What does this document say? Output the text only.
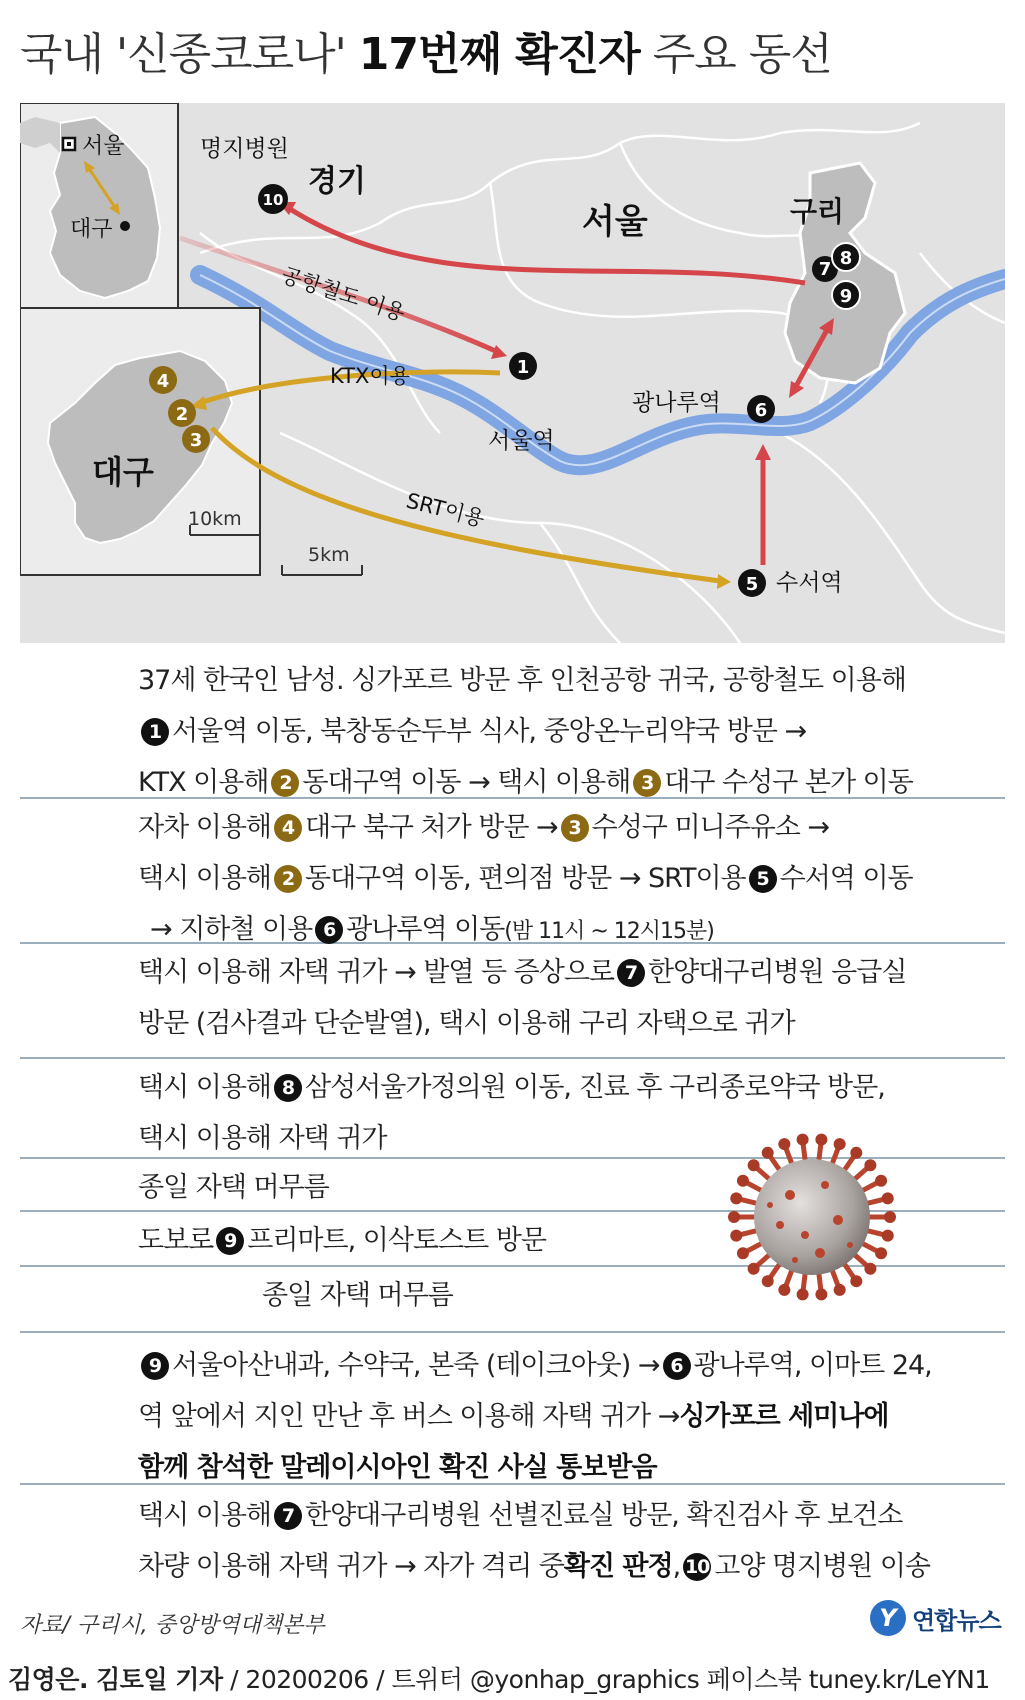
국내 '신종코로나' 17번째 확진자 주요 동선
서울
대구
대구
10km
5km
공항철도 이용
KTX이용
SRT이용
명지병원
경기
서울	구리
서울역
광나루역
수서역
10
1
4
2
3
6
5
7
8
9
37세 한국인 남성. 싱가포르 방문 후 인천공항 귀국, 공항철도 이용해
1 서울역 이동, 북창동순두부 식사, 중앙온누리약국 방문 →
KTX 이용해 2 동대구역 이동 → 택시 이용해 3 대구 수성구 본가 이동
자차 이용해 4 대구 북구 처가 방문 → 3 수성구 미니주유소 →
택시 이용해 2 동대구역 이동, 편의점 방문 → SRT이용 5 수서역 이동
→ 지하철 이용 6 광나루역 이동(밤 11시 ~ 12시15분)
택시 이용해 자택 귀가 → 발열 등 증상으로 7 한양대구리병원 응급실
방문 (검사결과 단순발열), 택시 이용해 구리 자택으로 귀가
택시 이용해 8 삼성서울가정의원 이동, 진료 후 구리종로약국 방문,
택시 이용해 자택 귀가
종일 자택 머무름
도보로 9 프리마트, 이삭토스트 방문
종일 자택 머무름
9 서울아산내과, 수약국, 본죽 (테이크아웃) → 6 광나루역, 이마트 24,
역 앞에서 지인 만난 후 버스 이용해 자택 귀가 →싱가포르 세미나에
함께 참석한 말레이시아인 확진 사실 통보받음
택시 이용해 7 한양대구리병원 선별진료실 방문, 확진검사 후 보건소
차량 이용해 자택 귀가 → 자가 격리 중확진 판정, 10 고양 명지병원 이송
자료/ 구리시, 중앙방역대책본부	Y 연합뉴스
김영은. 김토일 기자 / 20200206 / 트위터 @yonhap_graphics 페이스북 tuney.kr/LeYN1
